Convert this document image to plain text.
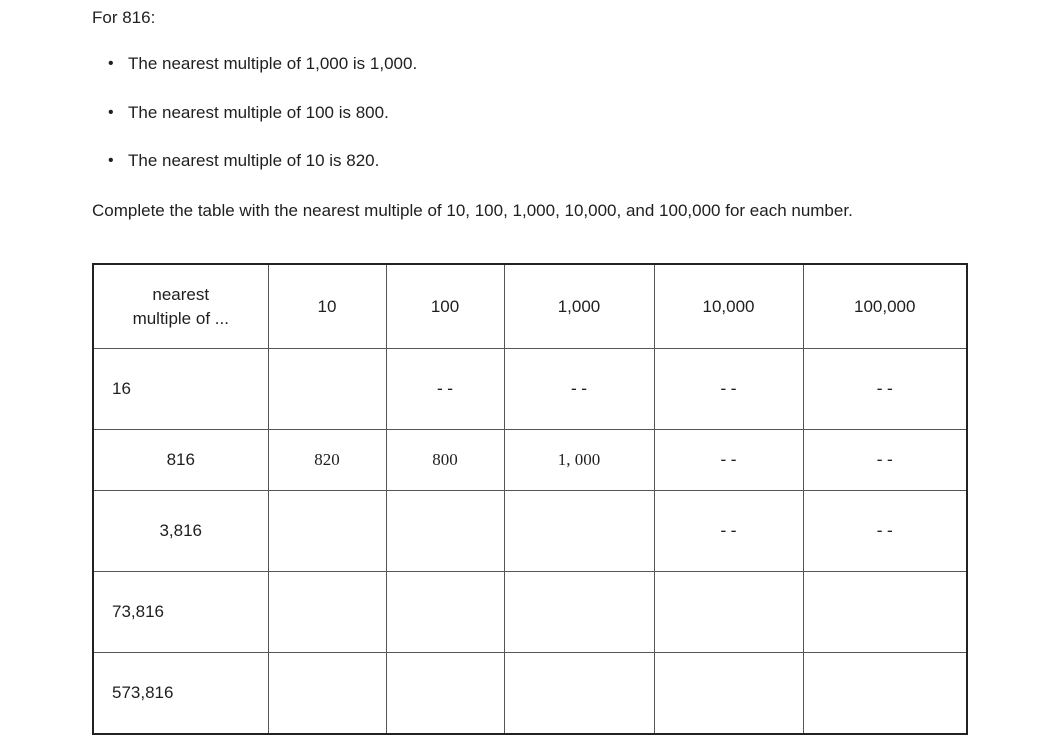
For 816:
• The nearest multiple of 1,000 is 1,000.
• The nearest multiple of 100 is 800.
• The nearest multiple of 10 is 820.
Complete the table with the nearest multiple of 10, 100, 1,000, 10,000, and 100,000 for each number.
nearest
multiple of ...	10	100	1,000	10,000	100,000
16		--	--	--	--
816	820	800	1, 000	--	--
3,816				--	--
73,816					
573,816					
